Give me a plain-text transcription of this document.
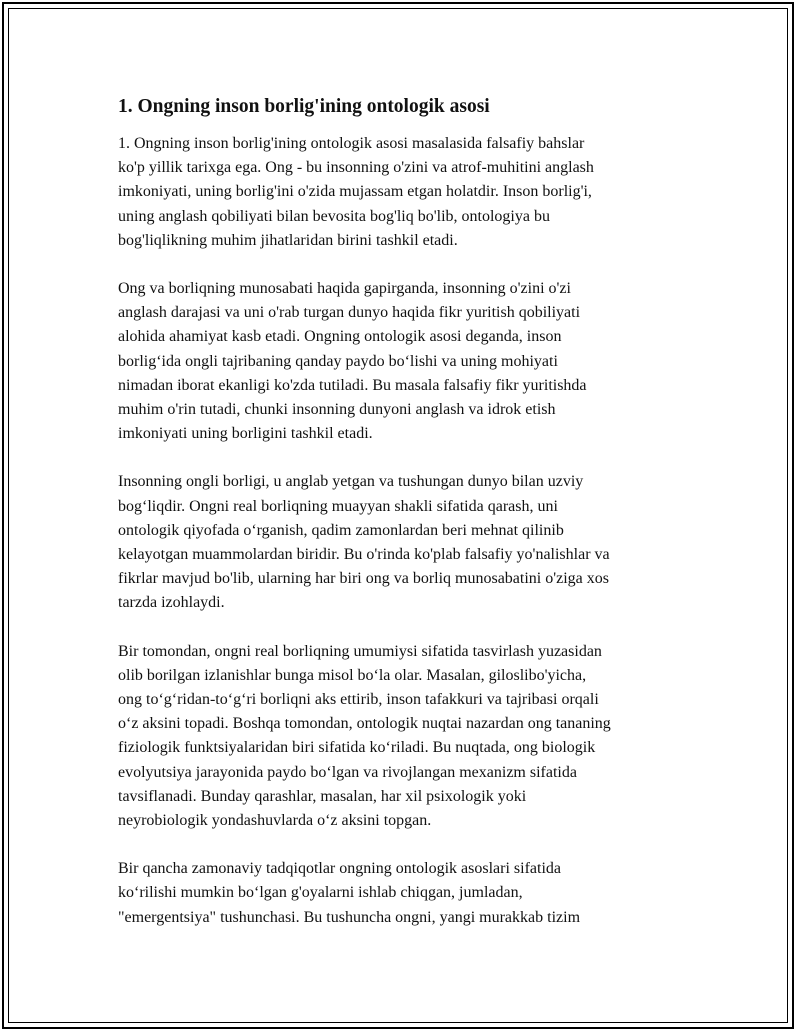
1. Ongning inson borlig'ining ontologik asosi

1. Ongning inson borlig'ining ontologik asosi masalasida falsafiy bahslar
ko'p yillik tarixga ega. Ong - bu insonning o'zini va atrof-muhitini anglash
imkoniyati, uning borlig'ini o'zida mujassam etgan holatdir. Inson borlig'i,
uning anglash qobiliyati bilan bevosita bog'liq bo'lib, ontologiya bu
bog'liqlikning muhim jihatlaridan birini tashkil etadi.

Ong va borliqning munosabati haqida gapirganda, insonning o'zini o'zi
anglash darajasi va uni o'rab turgan dunyo haqida fikr yuritish qobiliyati
alohida ahamiyat kasb etadi. Ongning ontologik asosi deganda, inson
borlig‘ida ongli tajribaning qanday paydo bo‘lishi va uning mohiyati
nimadan iborat ekanligi ko'zda tutiladi. Bu masala falsafiy fikr yuritishda
muhim o'rin tutadi, chunki insonning dunyoni anglash va idrok etish
imkoniyati uning borligini tashkil etadi.

Insonning ongli borligi, u anglab yetgan va tushungan dunyo bilan uzviy
bog‘liqdir. Ongni real borliqning muayyan shakli sifatida qarash, uni
ontologik qiyofada o‘rganish, qadim zamonlardan beri mehnat qilinib
kelayotgan muammolardan biridir. Bu o'rinda ko'plab falsafiy yo'nalishlar va
fikrlar mavjud bo'lib, ularning har biri ong va borliq munosabatini o'ziga xos
tarzda izohlaydi.

Bir tomondan, ongni real borliqning umumiysi sifatida tasvirlash yuzasidan
olib borilgan izlanishlar bunga misol bo‘la olar. Masalan, giloslibo'yicha,
ong to‘g‘ridan-to‘g‘ri borliqni aks ettirib, inson tafakkuri va tajribasi orqali
o‘z aksini topadi. Boshqa tomondan, ontologik nuqtai nazardan ong tananing
fiziologik funktsiyalaridan biri sifatida ko‘riladi. Bu nuqtada, ong biologik
evolyutsiya jarayonida paydo bo‘lgan va rivojlangan mexanizm sifatida
tavsiflanadi. Bunday qarashlar, masalan, har xil psixologik yoki
neyrobiologik yondashuvlarda o‘z aksini topgan.

Bir qancha zamonaviy tadqiqotlar ongning ontologik asoslari sifatida
ko‘rilishi mumkin bo‘lgan g'oyalarni ishlab chiqgan, jumladan,
"emergentsiya" tushunchasi. Bu tushuncha ongni, yangi murakkab tizim
